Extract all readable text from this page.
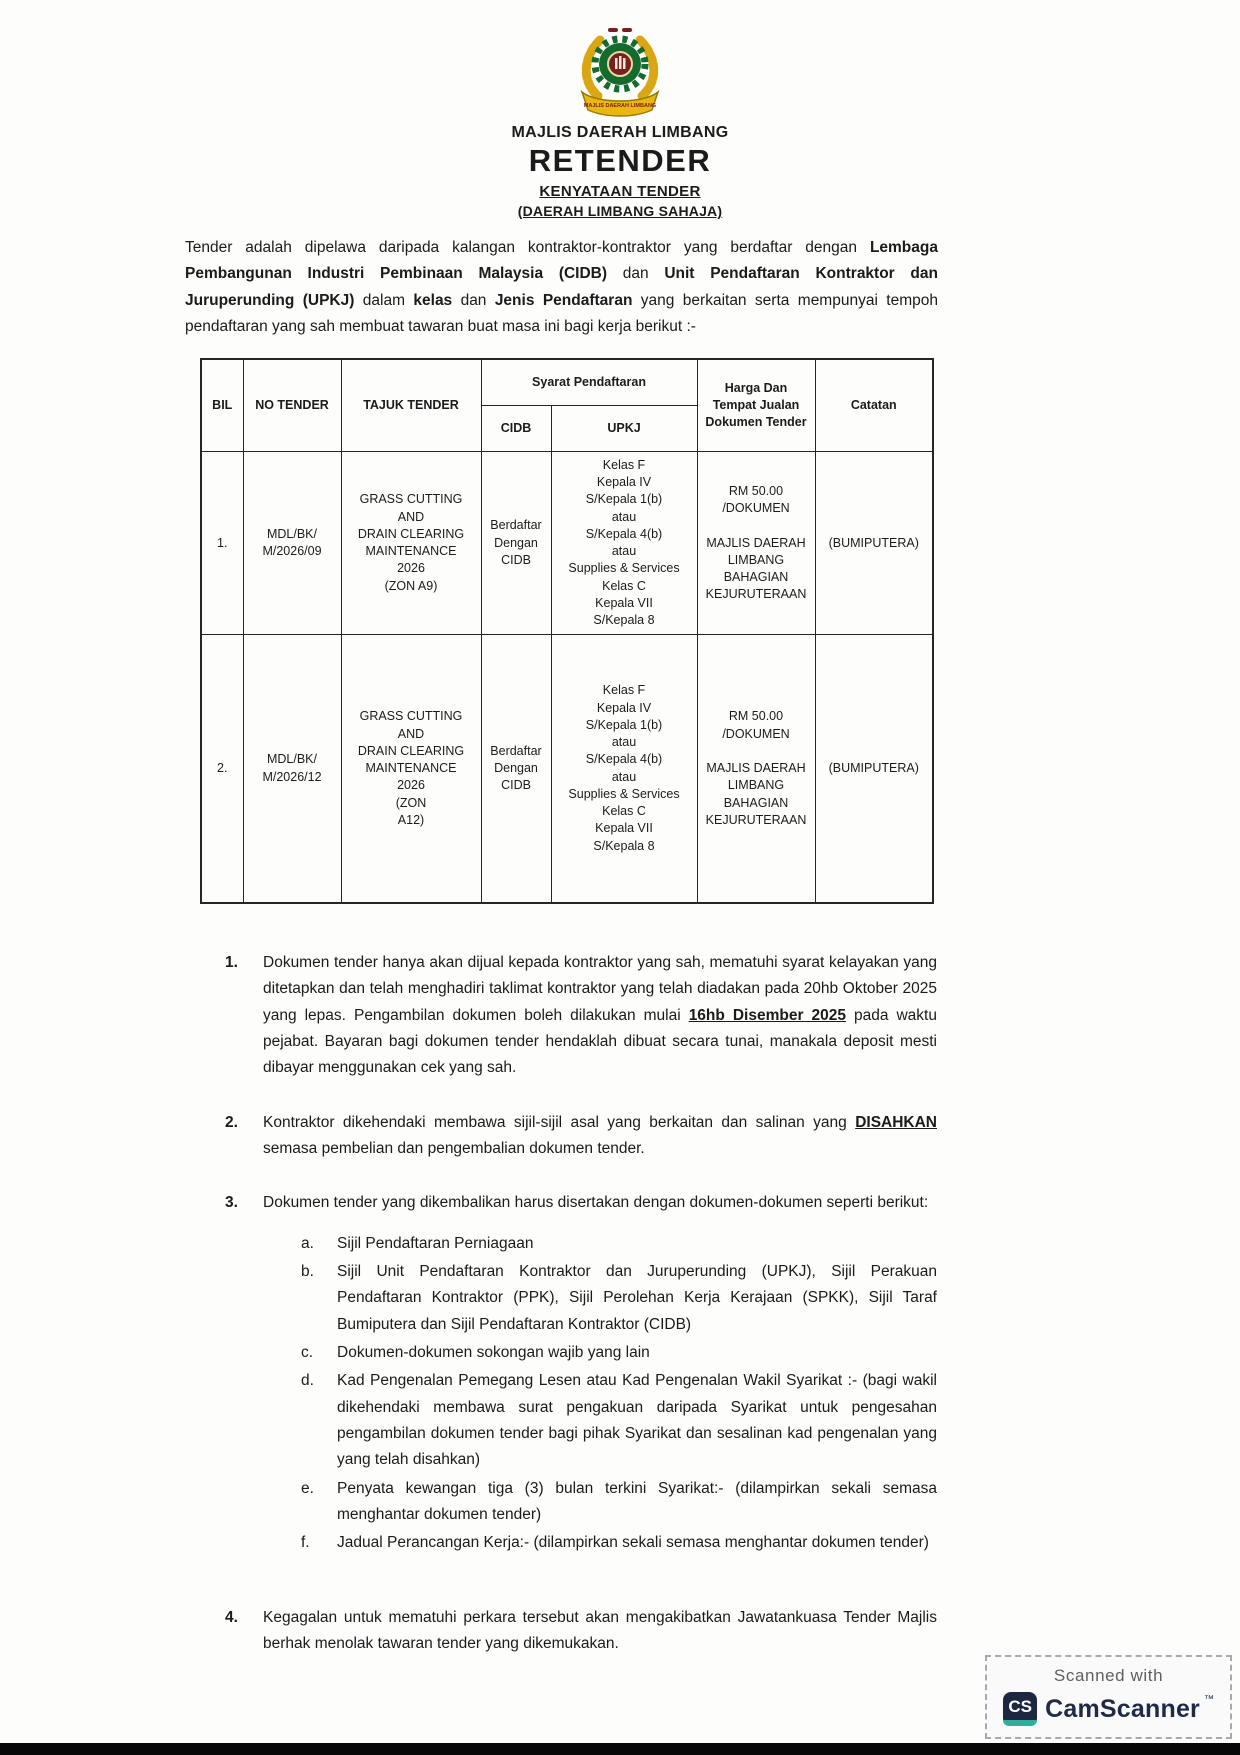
MAJLIS DAERAH LIMBANG
MAJLIS DAERAH LIMBANG
RETENDER
KENYATAAN TENDER
(DAERAH LIMBANG SAHAJA)

Tender adalah dipelawa daripada kalangan kontraktor-kontraktor yang berdaftar dengan Lembaga Pembangunan Industri Pembinaan Malaysia (CIDB) dan Unit Pendaftaran Kontraktor dan Juruperunding (UPKJ) dalam kelas dan Jenis Pendaftaran yang berkaitan serta mempunyai tempoh pendaftaran yang sah membuat tawaran buat masa ini bagi kerja berikut :-

BIL	NO TENDER	TAJUK TENDER	Syarat Pendaftaran		Harga Dan Tempat Jualan Dokumen Tender	Catatan
			CIDB	UPKJ		
1.	MDL/BK/
M/2026/09	GRASS CUTTING AND
DRAIN CLEARING
MAINTENANCE
2026
(ZON A9)	Berdaftar
Dengan
CIDB	Kelas F
Kepala IV
S/Kepala 1(b)
atau
S/Kepala 4(b)
atau
Supplies & Services
Kelas C
Kepala VII
S/Kepala 8	RM 50.00
/DOKUMEN

MAJLIS DAERAH
LIMBANG
BAHAGIAN
KEJURUTERAAN	(BUMIPUTERA)
2.	MDL/BK/
M/2026/12	GRASS CUTTING AND
DRAIN CLEARING
MAINTENANCE
2026
(ZON
A12)	Berdaftar
Dengan
CIDB	Kelas F
Kepala IV
S/Kepala 1(b)
atau
S/Kepala 4(b)
atau
Supplies & Services
Kelas C
Kepala VII
S/Kepala 8	RM 50.00
/DOKUMEN

MAJLIS DAERAH
LIMBANG
BAHAGIAN
KEJURUTERAAN	(BUMIPUTERA)
1.	Dokumen tender hanya akan dijual kepada kontraktor yang sah, mematuhi syarat kelayakan yang ditetapkan dan telah menghadiri taklimat kontraktor yang telah diadakan pada 20hb Oktober 2025 yang lepas. Pengambilan dokumen boleh dilakukan mulai 16hb Disember 2025 pada waktu pejabat. Bayaran bagi dokumen tender hendaklah dibuat secara tunai, manakala deposit mesti dibayar menggunakan cek yang sah.
2.	Kontraktor dikehendaki membawa sijil-sijil asal yang berkaitan dan salinan yang DISAHKAN semasa pembelian dan pengembalian dokumen tender.
3.	Dokumen tender yang dikembalikan harus disertakan dengan dokumen-dokumen seperti berikut:
a.	Sijil Pendaftaran Perniagaan
b.	Sijil Unit Pendaftaran Kontraktor dan Juruperunding (UPKJ), Sijil Perakuan Pendaftaran Kontraktor (PPK), Sijil Perolehan Kerja Kerajaan (SPKK), Sijil Taraf Bumiputera dan Sijil Pendaftaran Kontraktor (CIDB)
c.	Dokumen-dokumen sokongan wajib yang lain
d.	Kad Pengenalan Pemegang Lesen atau Kad Pengenalan Wakil Syarikat :- (bagi wakil dikehendaki membawa surat pengakuan daripada Syarikat untuk pengesahan pengambilan dokumen tender bagi pihak Syarikat dan sesalinan kad pengenalan yang yang telah disahkan)
e.	Penyata kewangan tiga (3) bulan terkini Syarikat:- (dilampirkan sekali semasa menghantar dokumen tender)
f.	Jadual Perancangan Kerja:- (dilampirkan sekali semasa menghantar dokumen tender)
4.	Kegagalan untuk mematuhi perkara tersebut akan mengakibatkan Jawatankuasa Tender Majlis berhak menolak tawaran tender yang dikemukakan.
Scanned with
CS CamScanner ™
